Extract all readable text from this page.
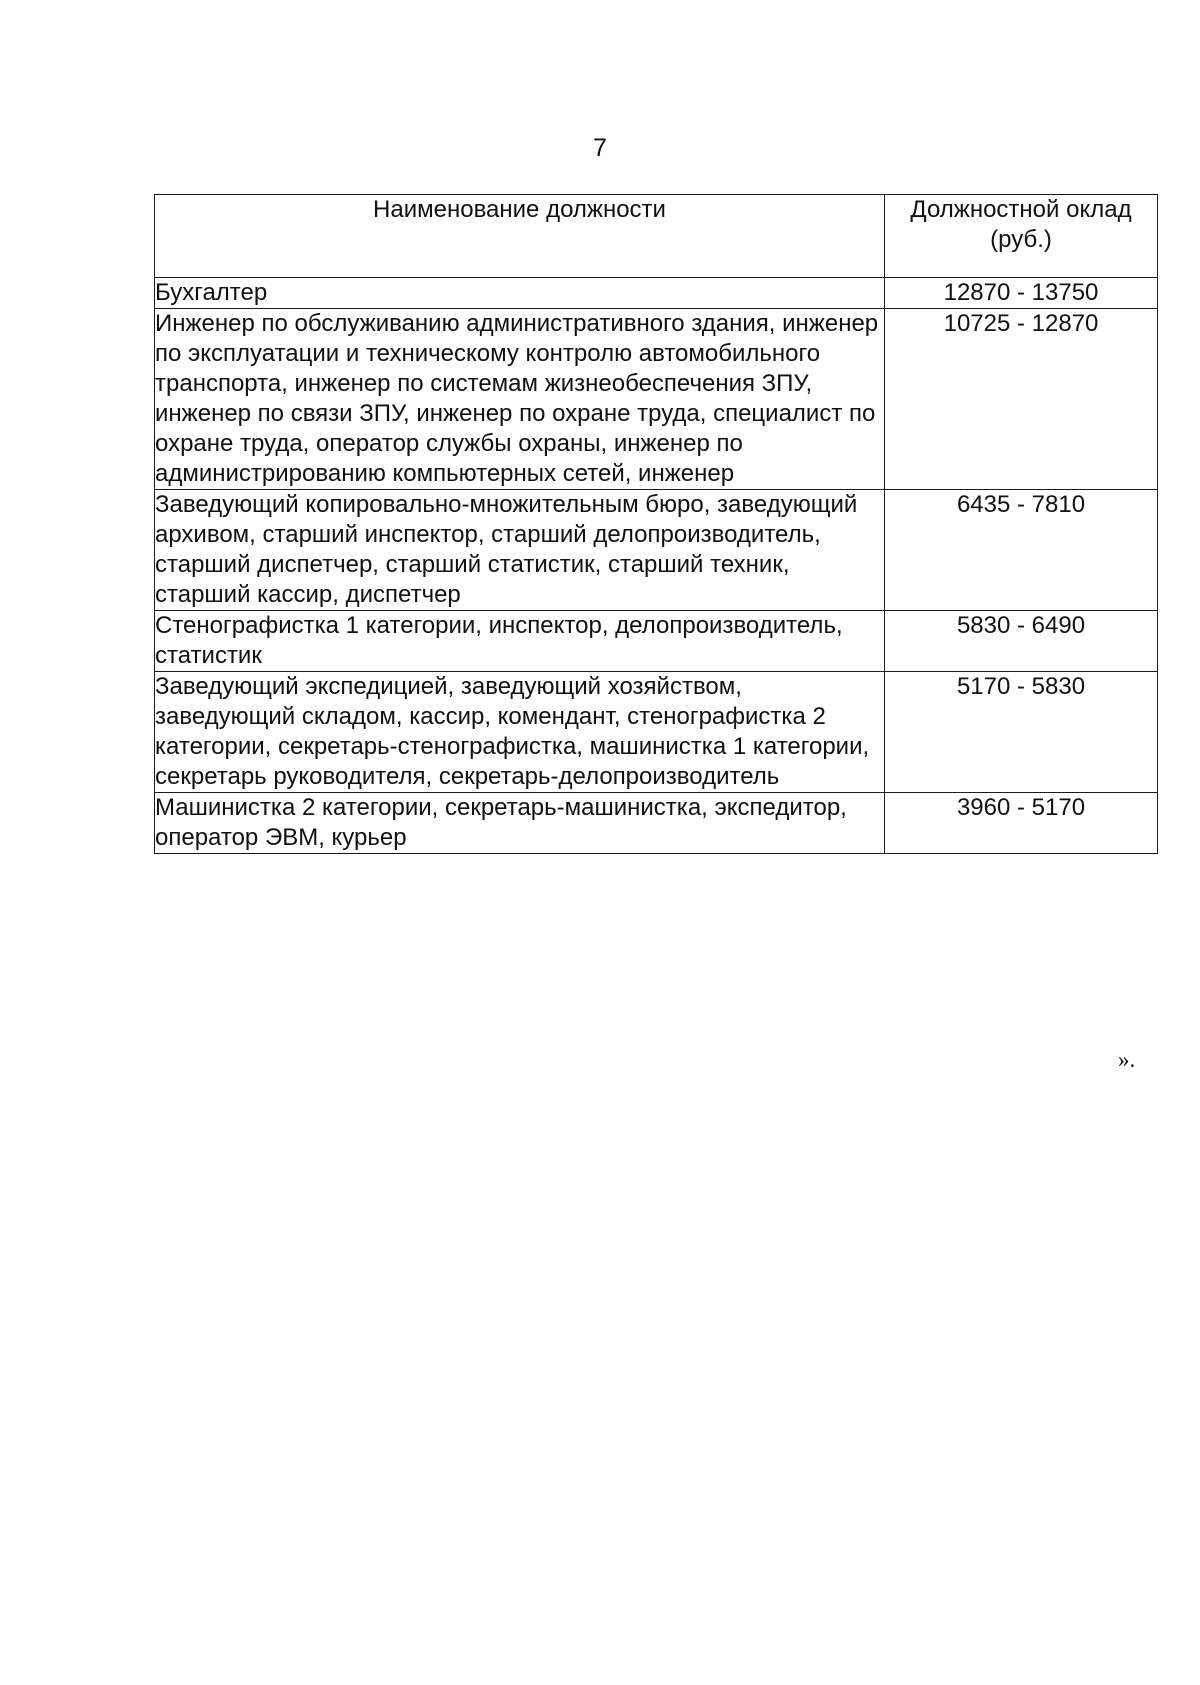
7
Наименование должности	Должностной оклад (руб.)
Бухгалтер	12870 - 13750
Инженер по обслуживанию административного здания, инженер по эксплуатации и техническому контролю автомобильного транспорта, инженер по системам жизнеобеспечения ЗПУ, инженер по связи ЗПУ, инженер по охране труда, специалист по охране труда, оператор службы охраны, инженер по администрированию компьютерных сетей, инженер	10725 - 12870
Заведующий копировально-множительным бюро, заведующий архивом, старший инспектор, старший делопроизводитель, старший диспетчер, старший статистик, старший техник, старший кассир, диспетчер	6435 - 7810
Стенографистка 1 категории, инспектор, делопроизводитель, статистик	5830 - 6490
Заведующий экспедицией, заведующий хозяйством, заведующий складом, кассир, комендант, стенографистка 2 категории, секретарь-стенографистка, машинистка 1 категории, секретарь руководителя, секретарь-делопроизводитель	5170 - 5830
Машинистка 2 категории, секретарь-машинистка, экспедитор, оператор ЭВМ, курьер	3960 - 5170
».
